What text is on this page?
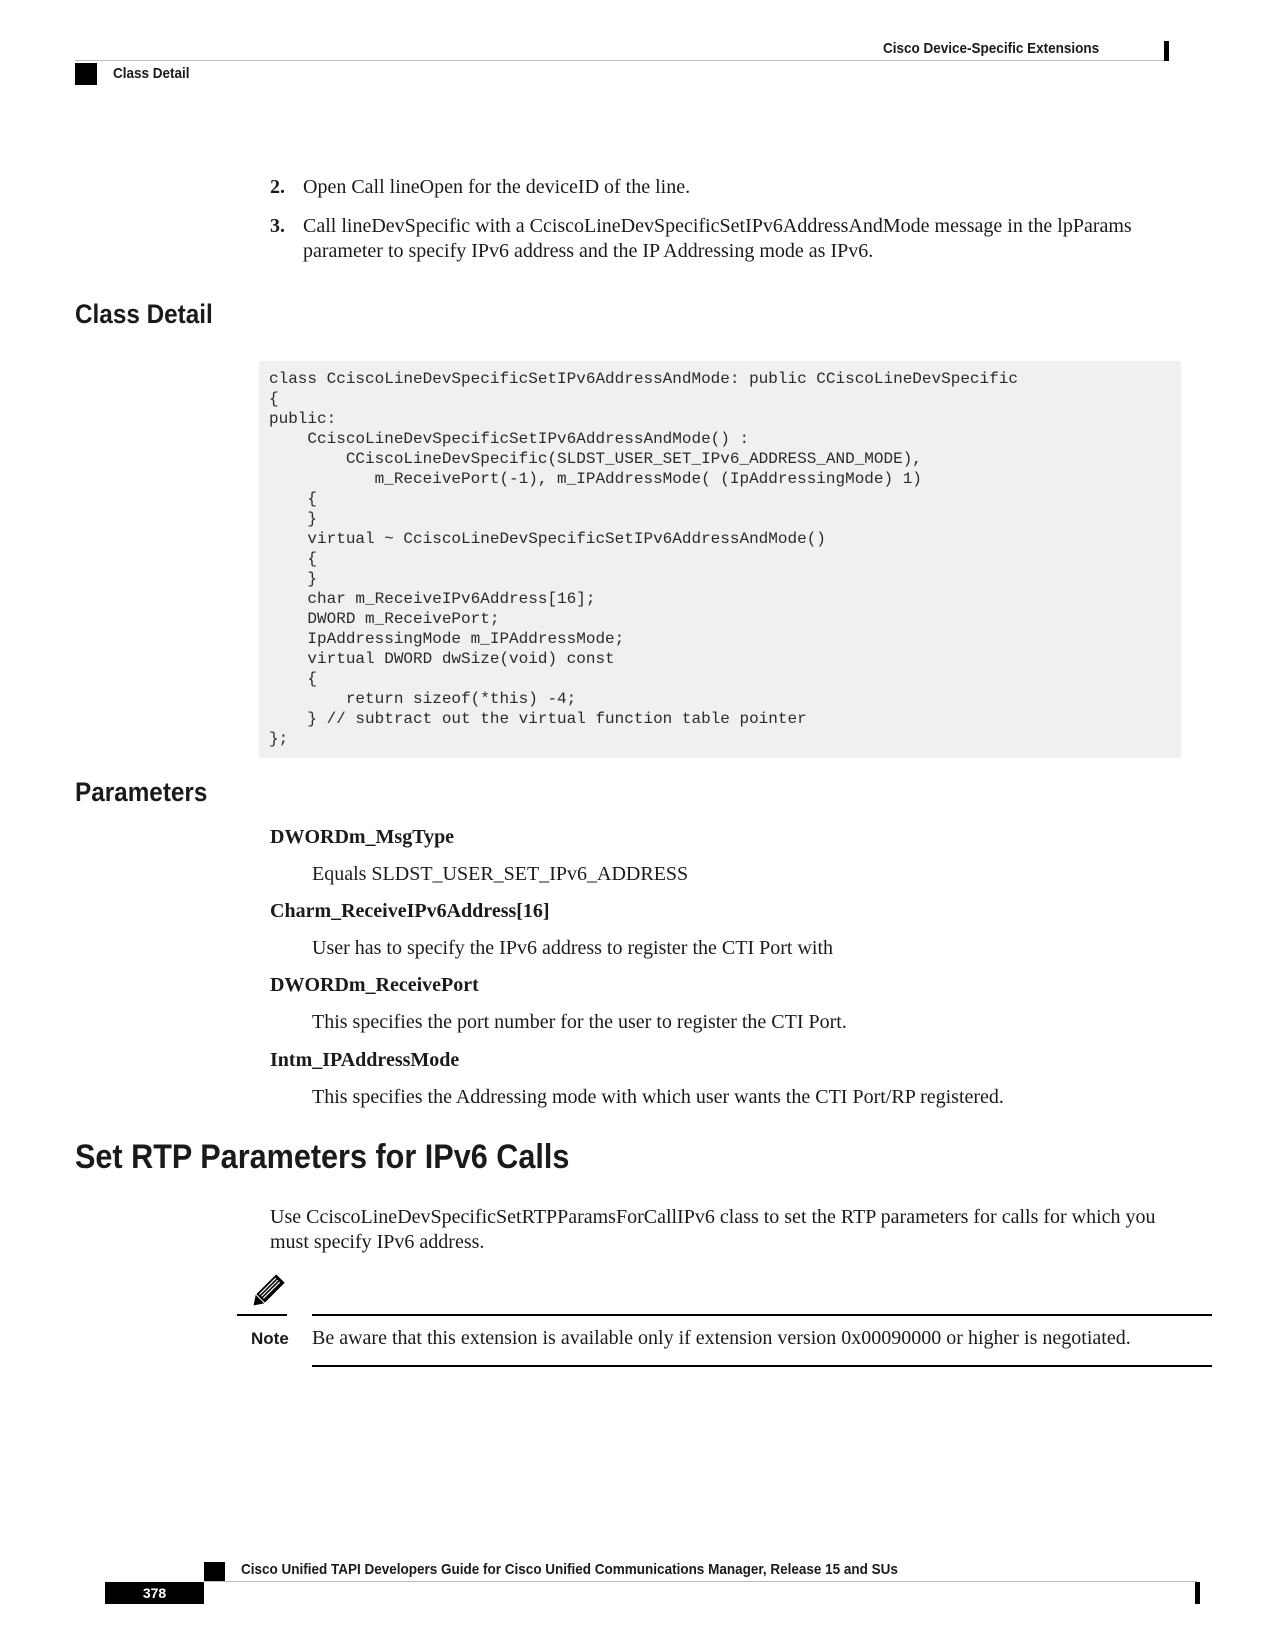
Cisco Device-Specific Extensions
Class Detail
2. Open Call lineOpen for the deviceID of the line.
3. Call lineDevSpecific with a CciscoLineDevSpecificSetIPv6AddressAndMode message in the lpParams parameter to specify IPv6 address and the IP Addressing mode as IPv6.
Class Detail
class CciscoLineDevSpecificSetIPv6AddressAndMode: public CCiscoLineDevSpecific
{
public:
CciscoLineDevSpecificSetIPv6AddressAndMode() :
CCiscoLineDevSpecific(SLDST_USER_SET_IPv6_ADDRESS_AND_MODE),
m_ReceivePort(-1), m_IPAddressMode( (IpAddressingMode) 1)
{
}
virtual ~ CciscoLineDevSpecificSetIPv6AddressAndMode()
{
}
char m_ReceiveIPv6Address[16];
DWORD m_ReceivePort;
IpAddressingMode m_IPAddressMode;
virtual DWORD dwSize(void) const
{
return sizeof(*this) -4;
} // subtract out the virtual function table pointer
};
Parameters
DWORDm_MsgType
Equals SLDST_USER_SET_IPv6_ADDRESS
Charm_ReceiveIPv6Address[16]
User has to specify the IPv6 address to register the CTI Port with
DWORDm_ReceivePort
This specifies the port number for the user to register the CTI Port.
Intm_IPAddressMode
This specifies the Addressing mode with which user wants the CTI Port/RP registered.
Set RTP Parameters for IPv6 Calls
Use CciscoLineDevSpecificSetRTPParamsForCallIPv6 class to set the RTP parameters for calls for which you must specify IPv6 address.
Note Be aware that this extension is available only if extension version 0x00090000 or higher is negotiated.
Cisco Unified TAPI Developers Guide for Cisco Unified Communications Manager, Release 15 and SUs
378
